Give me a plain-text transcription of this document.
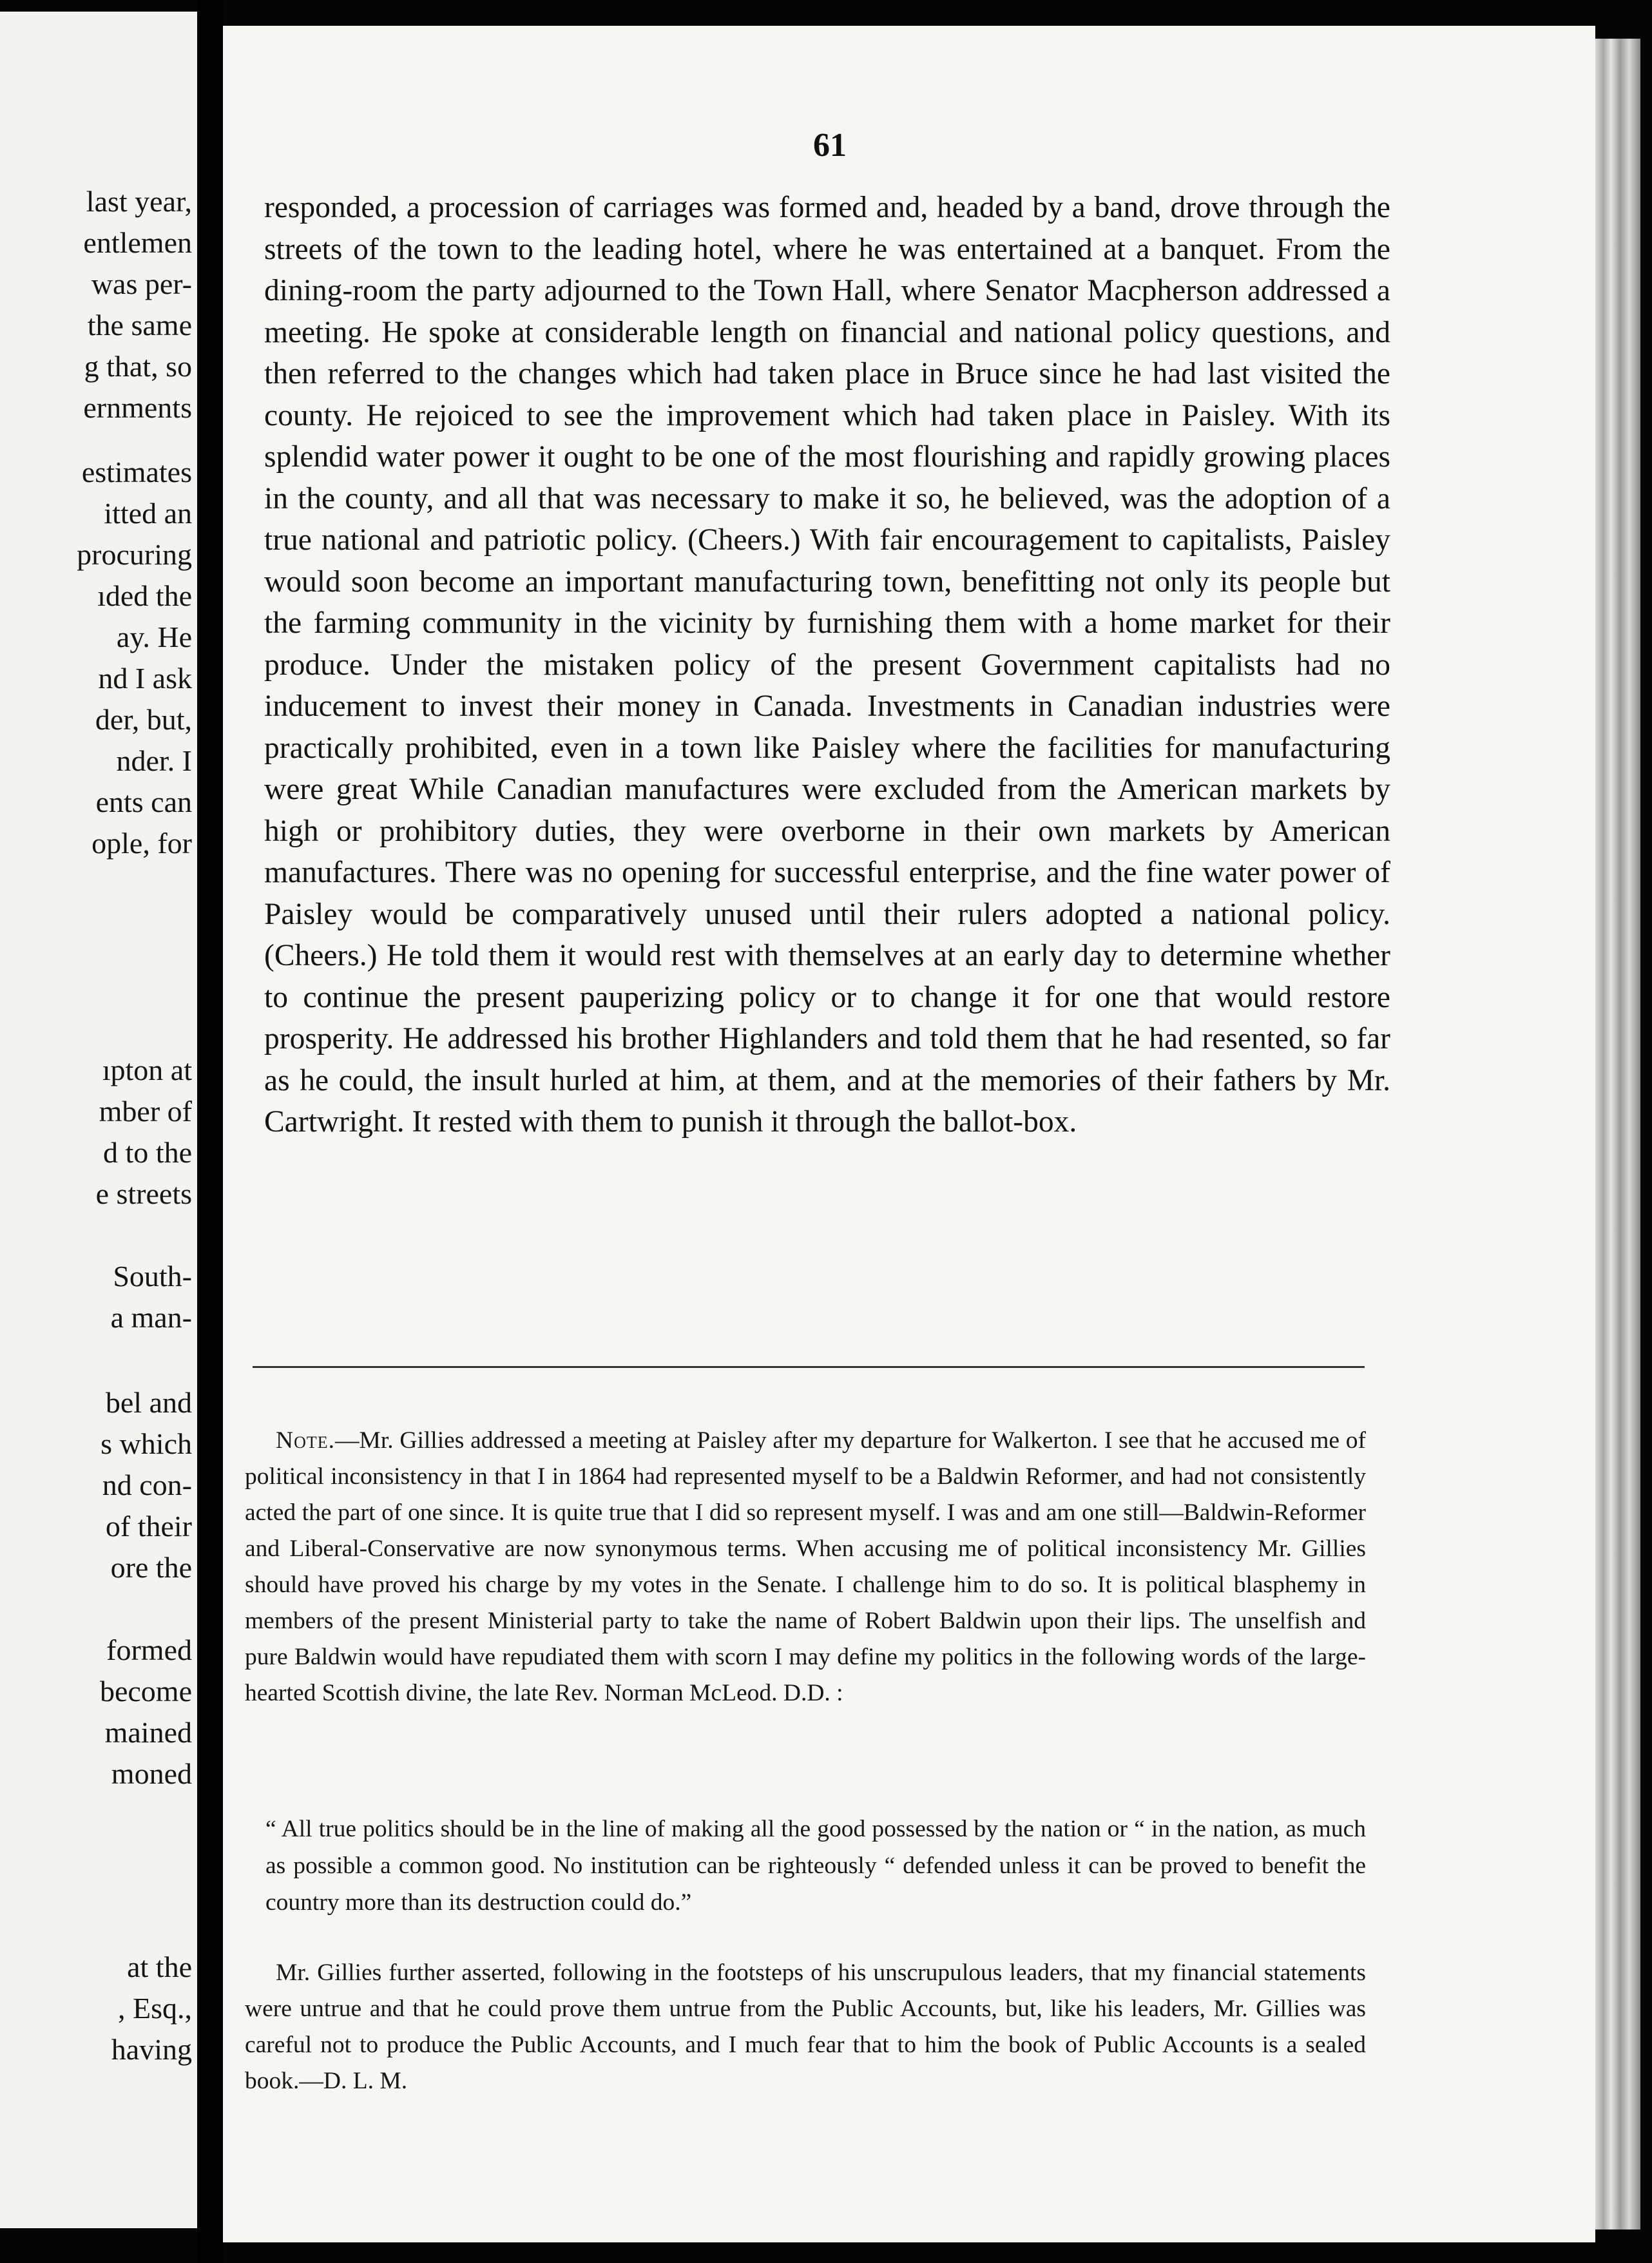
last year,
entlemen
was per-
the same
g that, so
ernments
estimates
itted an
procuring
ıded the
ay. He
nd I ask
der, but,
nder. I
ents can
ople, for
ıpton at
mber of
d to the
e streets
South-
a man-
bel and
s which
nd con-
of their
ore the
formed
become
mained
moned
at the
, Esq.,
having
61

responded, a procession of carriages was formed and, headed by a band, drove through the streets of the town to the leading hotel, where he was entertained at a banquet. From the dining-room the party adjourned to the Town Hall, where Senator Macpherson addressed a meeting. He spoke at considerable length on financial and national policy questions, and then referred to the changes which had taken place in Bruce since he had last visited the county. He rejoiced to see the improvement which had taken place in Paisley. With its splendid water power it ought to be one of the most flourishing and rapidly growing places in the county, and all that was necessary to make it so, he believed, was the adoption of a true national and patriotic policy. (Cheers.) With fair encouragement to capitalists, Paisley would soon become an important manufacturing town, benefitting not only its people but the farming community in the vicinity by furnishing them with a home market for their produce. Under the mistaken policy of the present Government capitalists had no inducement to invest their money in Canada. Investments in Canadian industries were practically prohibited, even in a town like Paisley where the facilities for manufacturing were great While Canadian manufactures were excluded from the American markets by high or prohibitory duties, they were overborne in their own markets by American manufactures. There was no opening for successful enterprise, and the fine water power of Paisley would be comparatively unused until their rulers adopted a national policy. (Cheers.) He told them it would rest with themselves at an early day to determine whether to continue the present pauperizing policy or to change it for one that would restore prosperity. He addressed his brother Highlanders and told them that he had resented, so far as he could, the insult hurled at him, at them, and at the memories of their fathers by Mr. Cartwright. It rested with them to punish it through the ballot-box.

Note.—Mr. Gillies addressed a meeting at Paisley after my departure for Walkerton. I see that he accused me of political inconsistency in that I in 1864 had represented myself to be a Baldwin Reformer, and had not consistently acted the part of one since. It is quite true that I did so represent myself. I was and am one still—Baldwin-Reformer and Liberal-Conservative are now synonymous terms. When accusing me of political inconsistency Mr. Gillies should have proved his charge by my votes in the Senate. I challenge him to do so. It is political blasphemy in members of the present Ministerial party to take the name of Robert Baldwin upon their lips. The unselfish and pure Baldwin would have repudiated them with scorn I may define my politics in the following words of the large-hearted Scottish divine, the late Rev. Norman McLeod. D.D. :

“ All true politics should be in the line of making all the good possessed by the nation or “ in the nation, as much as possible a common good. No institution can be righteously “ defended unless it can be proved to benefit the country more than its destruction could do.”

Mr. Gillies further asserted, following in the footsteps of his unscrupulous leaders, that my financial statements were untrue and that he could prove them untrue from the Public Accounts, but, like his leaders, Mr. Gillies was careful not to produce the Public Accounts, and I much fear that to him the book of Public Accounts is a sealed book.—D. L. M.
